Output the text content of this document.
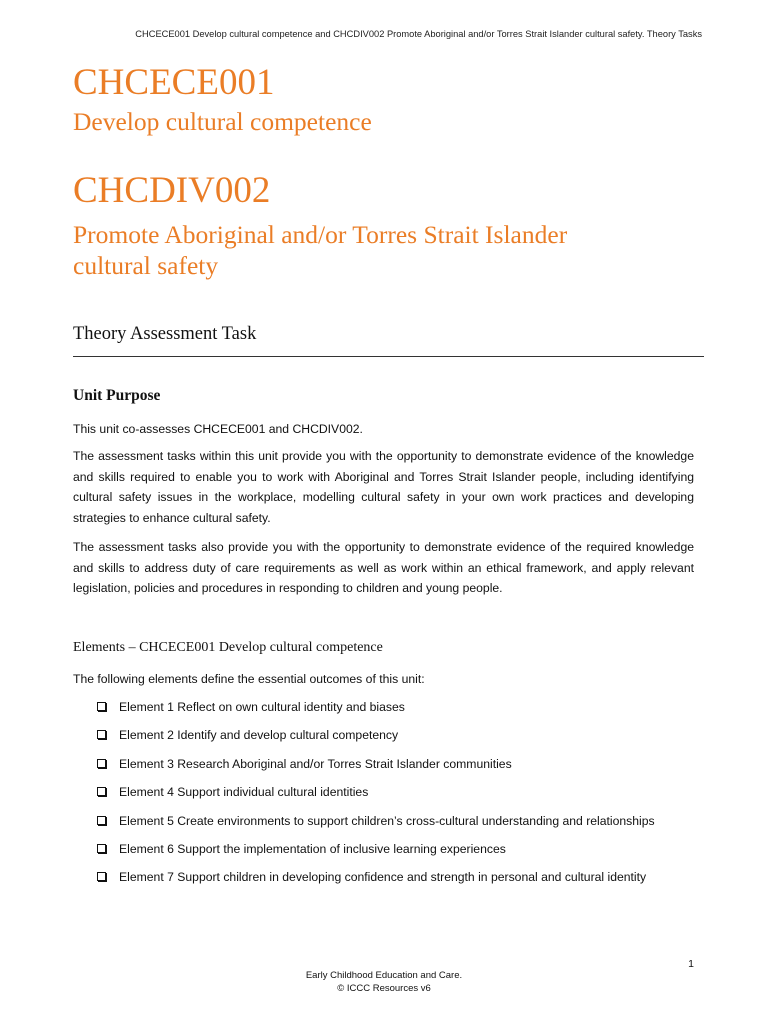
CHCECE001 Develop cultural competence and CHCDIV002 Promote Aboriginal and/or Torres Strait Islander cultural safety. Theory Tasks
CHCECE001
Develop cultural competence
CHCDIV002
Promote Aboriginal and/or Torres Strait Islander
cultural safety
Theory Assessment Task
Unit Purpose

This unit co-assesses CHCECE001 and CHCDIV002.

The assessment tasks within this unit provide you with the opportunity to demonstrate evidence of the knowledge and skills required to enable you to work with Aboriginal and Torres Strait Islander people, including identifying cultural safety issues in the workplace, modelling cultural safety in your own work practices and developing strategies to enhance cultural safety.

The assessment tasks also provide you with the opportunity to demonstrate evidence of the required knowledge and skills to address duty of care requirements as well as work within an ethical framework, and apply relevant legislation, policies and procedures in responding to children and young people.

Elements – CHCECE001 Develop cultural competence

The following elements define the essential outcomes of this unit:

Element 1 Reflect on own cultural identity and biases
Element 2 Identify and develop cultural competency
Element 3 Research Aboriginal and/or Torres Strait Islander communities
Element 4 Support individual cultural identities
Element 5 Create environments to support children’s cross-cultural understanding and relationships
Element 6 Support the implementation of inclusive learning experiences
Element 7 Support children in developing confidence and strength in personal and cultural identity
1
Early Childhood Education and Care.
© ICCC Resources v6
